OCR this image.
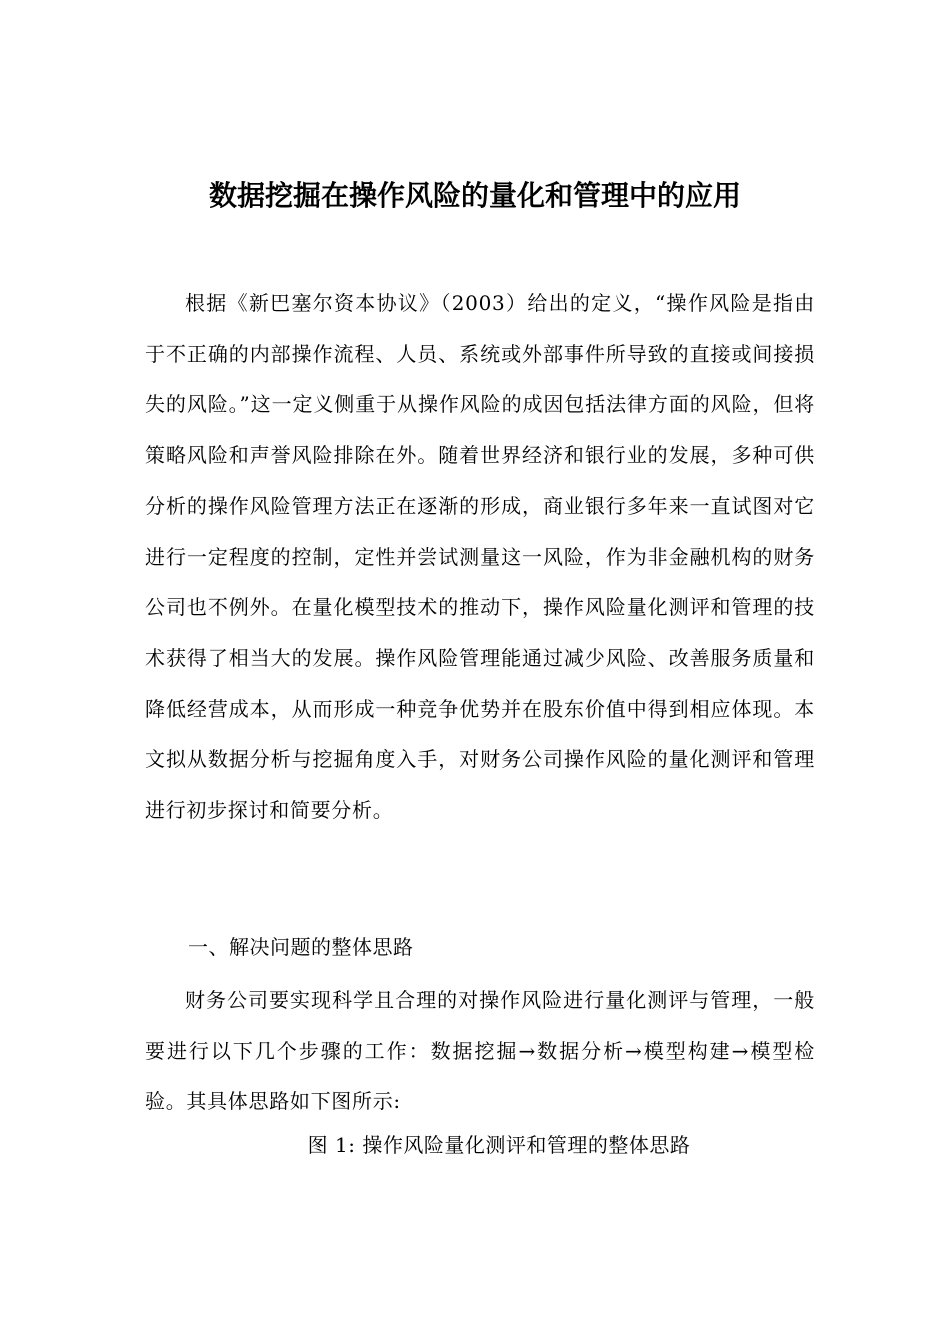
数据挖掘在操作风险的量化和管理中的应用

根据《新巴塞尔资本协议》（2003）给出的定义，“操作风险是指由于不正确的内部操作流程、人员、系统或外部事件所导致的直接或间接损失的风险。”这一定义侧重于从操作风险的成因包括法律方面的风险，但将策略风险和声誉风险排除在外。随着世界经济和银行业的发展，多种可供分析的操作风险管理方法正在逐渐的形成，商业银行多年来一直试图对它进行一定程度的控制，定性并尝试测量这一风险，作为非金融机构的财务公司也不例外。在量化模型技术的推动下，操作风险量化测评和管理的技术获得了相当大的发展。操作风险管理能通过减少风险、改善服务质量和降低经营成本，从而形成一种竞争优势并在股东价值中得到相应体现。本文拟从数据分析与挖掘角度入手，对财务公司操作风险的量化测评和管理进行初步探讨和简要分析。

一、解决问题的整体思路

财务公司要实现科学且合理的对操作风险进行量化测评与管理，一般要进行以下几个步骤的工作：数据挖掘→数据分析→模型构建→模型检验。其具体思路如下图所示:

图 1: 操作风险量化测评和管理的整体思路
